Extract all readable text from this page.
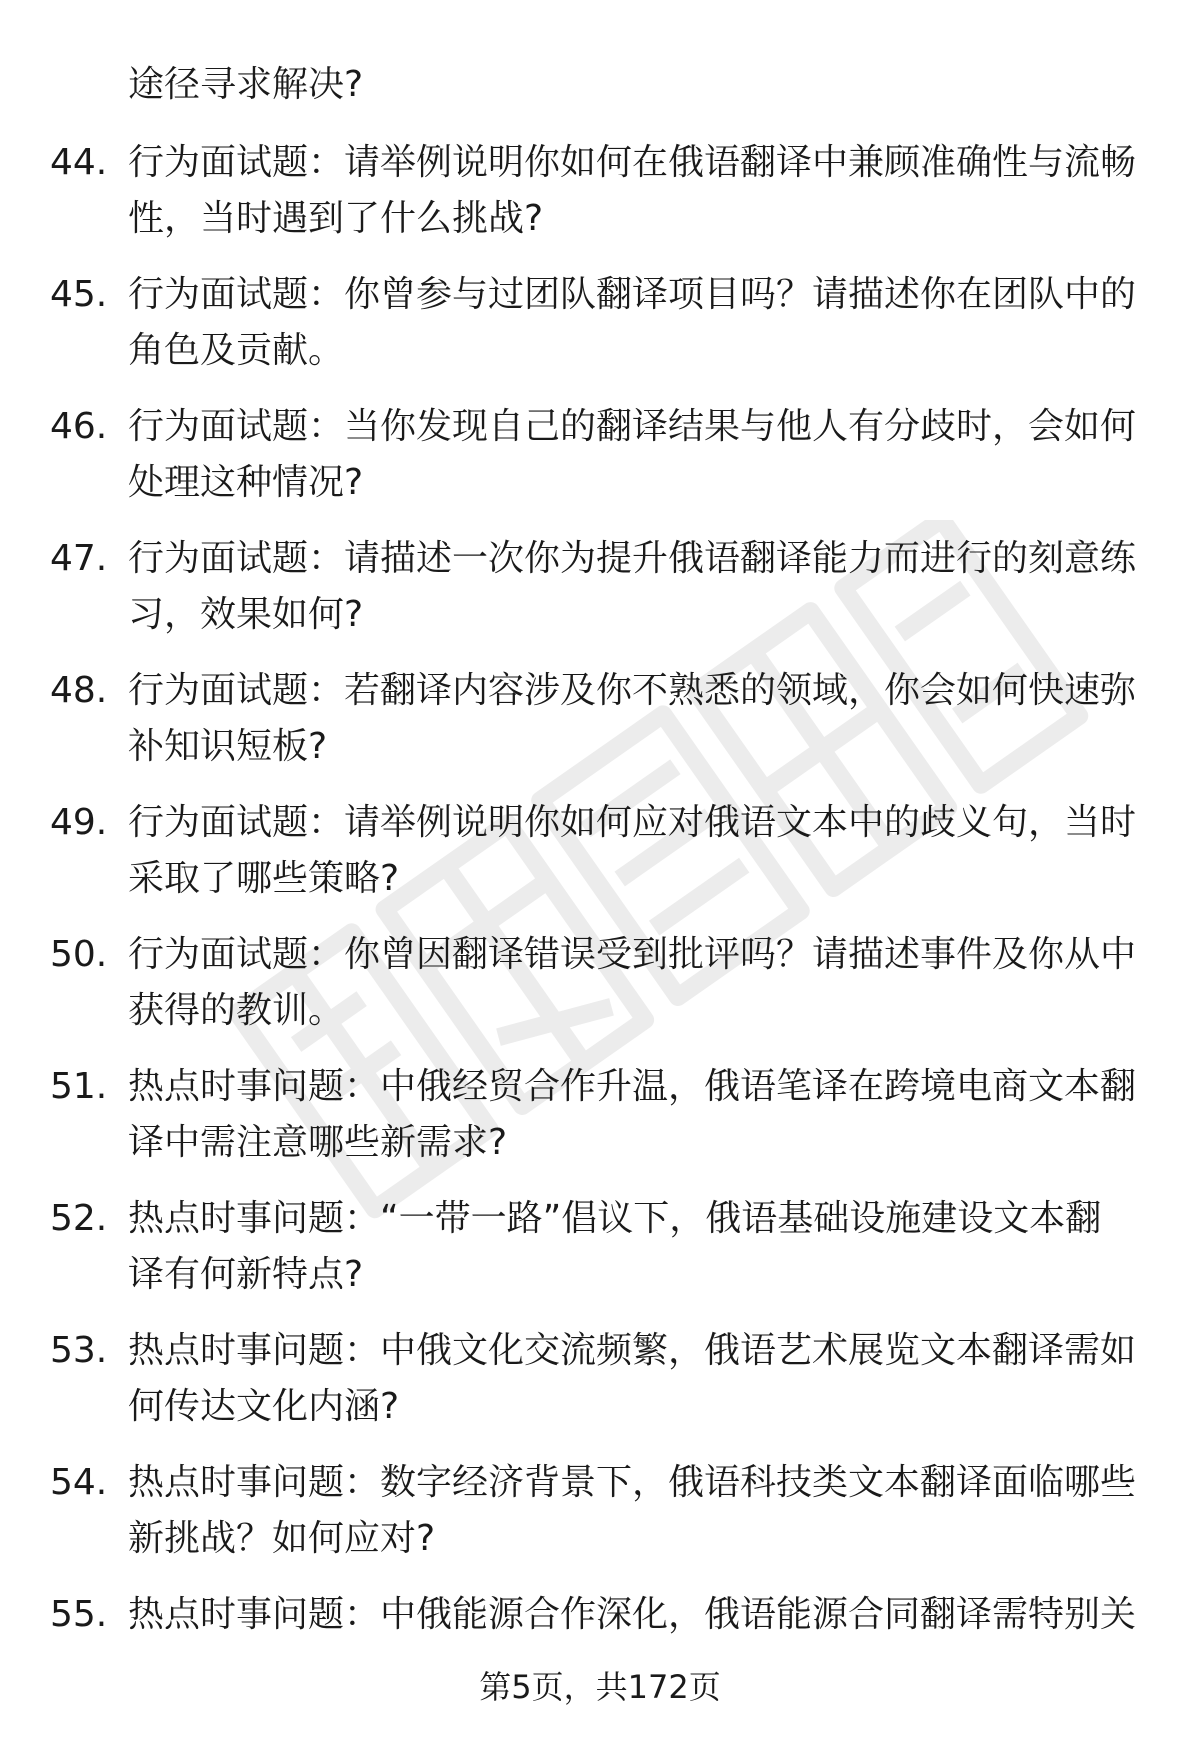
途径寻求解决?
44. 行为面试题：请举例说明你如何在俄语翻译中兼顾准确性与流畅
性，当时遇到了什么挑战?
45. 行为面试题：你曾参与过团队翻译项目吗？请描述你在团队中的
角色及贡献。
46. 行为面试题：当你发现自己的翻译结果与他人有分歧时，会如何
处理这种情况?
47. 行为面试题：请描述一次你为提升俄语翻译能力而进行的刻意练
习，效果如何?
48. 行为面试题：若翻译内容涉及你不熟悉的领域，你会如何快速弥
补知识短板?
49. 行为面试题：请举例说明你如何应对俄语文本中的歧义句，当时
采取了哪些策略?
50. 行为面试题：你曾因翻译错误受到批评吗？请描述事件及你从中
获得的教训。
51. 热点时事问题：中俄经贸合作升温，俄语笔译在跨境电商文本翻
译中需注意哪些新需求?
52. 热点时事问题：“一带一路”倡议下，俄语基础设施建设文本翻
译有何新特点?
53. 热点时事问题：中俄文化交流频繁，俄语艺术展览文本翻译需如
何传达文化内涵?
54. 热点时事问题：数字经济背景下，俄语科技类文本翻译面临哪些
新挑战？如何应对?
55. 热点时事问题：中俄能源合作深化，俄语能源合同翻译需特别关
第5页，共172页
